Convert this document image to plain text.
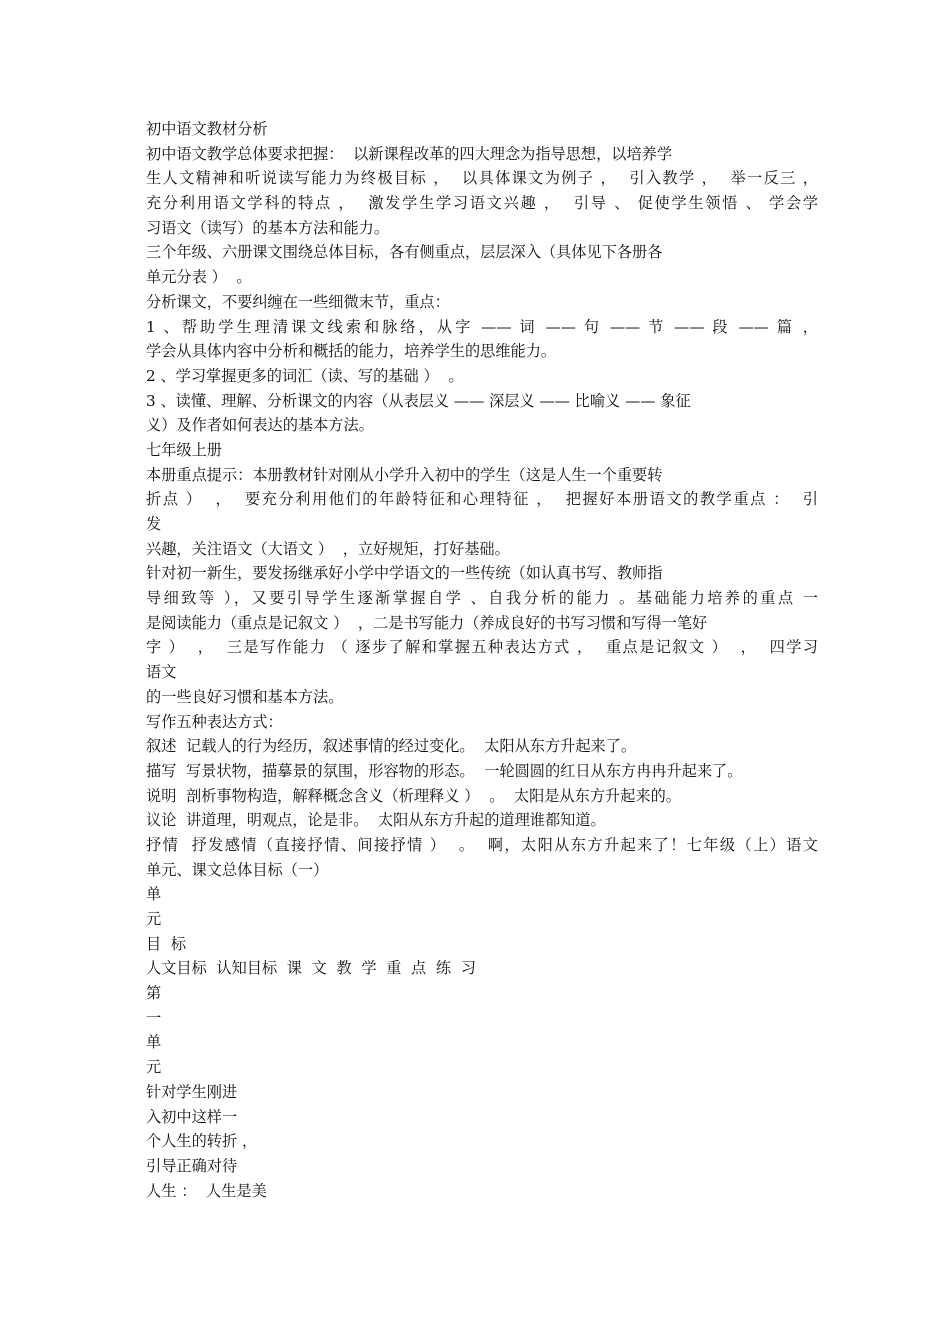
初中语文教材分析
初中语文教学总体要求把握：  以新课程改革的四大理念为指导思想，以培养学
生人文精神和听说读写能力为终极目标 ，  以具体课文为例子 ，  引入教学 ，  举一反三 ，
充分利用语文学科的特点 ，  激发学生学习语文兴趣 ，  引导 、 促使学生领悟 、 学会学
习语文（读写）的基本方法和能力。
三个年级、六册课文围绕总体目标，各有侧重点，层层深入（具体见下各册各
单元分表 ）  。
分析课文，不要纠缠在一些细微末节，重点：
1 、帮助学生理清课文线索和脉络，从字 —— 词 —— 句 —— 节 —— 段 —— 篇 ，
学会从具体内容中分析和概括的能力，培养学生的思维能力。
2 、学习掌握更多的词汇（读、写的基础 ）  。
3 、读懂、理解、分析课文的内容（从表层义 —— 深层义 —— 比喻义 —— 象征
义）及作者如何表达的基本方法。
七年级上册
本册重点提示：本册教材针对刚从小学升入初中的学生（这是人生一个重要转
折点 ）  ，  要充分利用他们的年龄特征和心理特征 ，  把握好本册语文的教学重点 ：  引
发
兴趣，关注语文（大语文 ）  ，立好规矩，打好基础。
针对初一新生，要发扬继承好小学中学语文的一些传统（如认真书写、教师指
导细致等 ），又要引导学生逐渐掌握自学 、自我分析的能力 。基础能力培养的重点 一
是阅读能力（重点是记叙文 ）  ，二是书写能力（养成良好的书写习惯和写得一笔好
字 ）  ，  三是写作能力 （ 逐步了解和掌握五种表达方式 ，  重点是记叙文 ）  ，  四学习
语文
的一些良好习惯和基本方法。
写作五种表达方式：
叙述  记载人的行为经历，叙述事情的经过变化。  太阳从东方升起来了。
描写  写景状物，描摹景的氛围，形容物的形态。  一轮圆圆的红日从东方冉冉升起来了。
说明  剖析事物构造，解释概念含义（析理释义 ）  。  太阳是从东方升起来的。
议论  讲道理，明观点，论是非。  太阳从东方升起的道理谁都知道。
抒情  抒发感情（直接抒情、间接抒情 ）  。  啊，太阳从东方升起来了！七年级（上）语文
单元、课文总体目标（一）
单
元
目  标
人文目标  认知目标  课  文  教  学  重  点  练  习
第
一
单
元
针对学生刚进
入初中这样一
个人生的转折 ，
引导正确对待
人生 ：  人生是美
